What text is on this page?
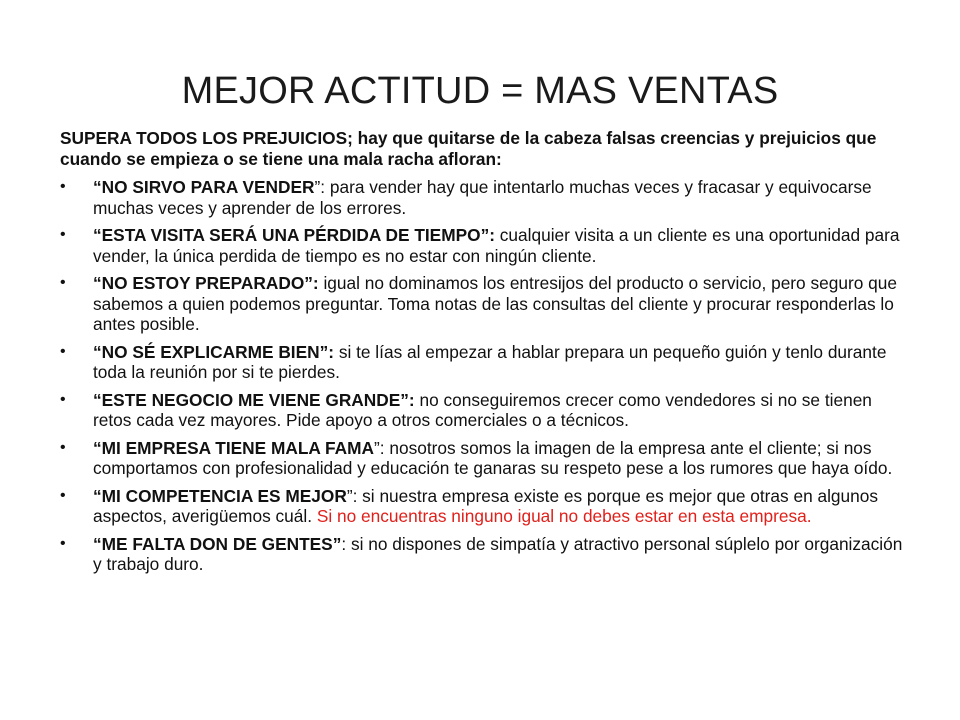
MEJOR ACTITUD = MAS VENTAS

SUPERA TODOS LOS PREJUICIOS; hay que quitarse de la cabeza falsas creencias y prejuicios que cuando se empieza o se tiene una mala racha afloran:

• “NO SIRVO PARA VENDER”: para vender hay que intentarlo muchas veces y fracasar y equivocarse muchas veces y aprender de los errores.
• “ESTA VISITA SERÁ UNA PÉRDIDA DE TIEMPO”: cualquier visita a un cliente es una oportunidad para vender, la única perdida de tiempo es no estar con ningún cliente.
• “NO ESTOY PREPARADO”: igual no dominamos los entresijos del producto o servicio, pero seguro que sabemos a quien podemos preguntar. Toma notas de las consultas del cliente y procurar responderlas lo antes posible.
• “NO SÉ EXPLICARME BIEN”: si te lías al empezar a hablar prepara un pequeño guión y tenlo durante toda la reunión por si te pierdes.
• “ESTE NEGOCIO ME VIENE GRANDE”: no conseguiremos crecer como vendedores si no se tienen retos cada vez mayores. Pide apoyo a otros comerciales o a técnicos.
• “MI EMPRESA TIENE MALA FAMA”: nosotros somos la imagen de la empresa ante el cliente; si nos comportamos con profesionalidad y educación te ganaras su respeto pese a los rumores que haya oído.
• “MI COMPETENCIA ES MEJOR”: si nuestra empresa existe es porque es mejor que otras en algunos aspectos, averigüemos cuál. Si no encuentras ninguno igual no debes estar en esta empresa.
• “ME FALTA DON DE GENTES”: si no dispones de simpatía y atractivo personal súplelo por organización y trabajo duro.
